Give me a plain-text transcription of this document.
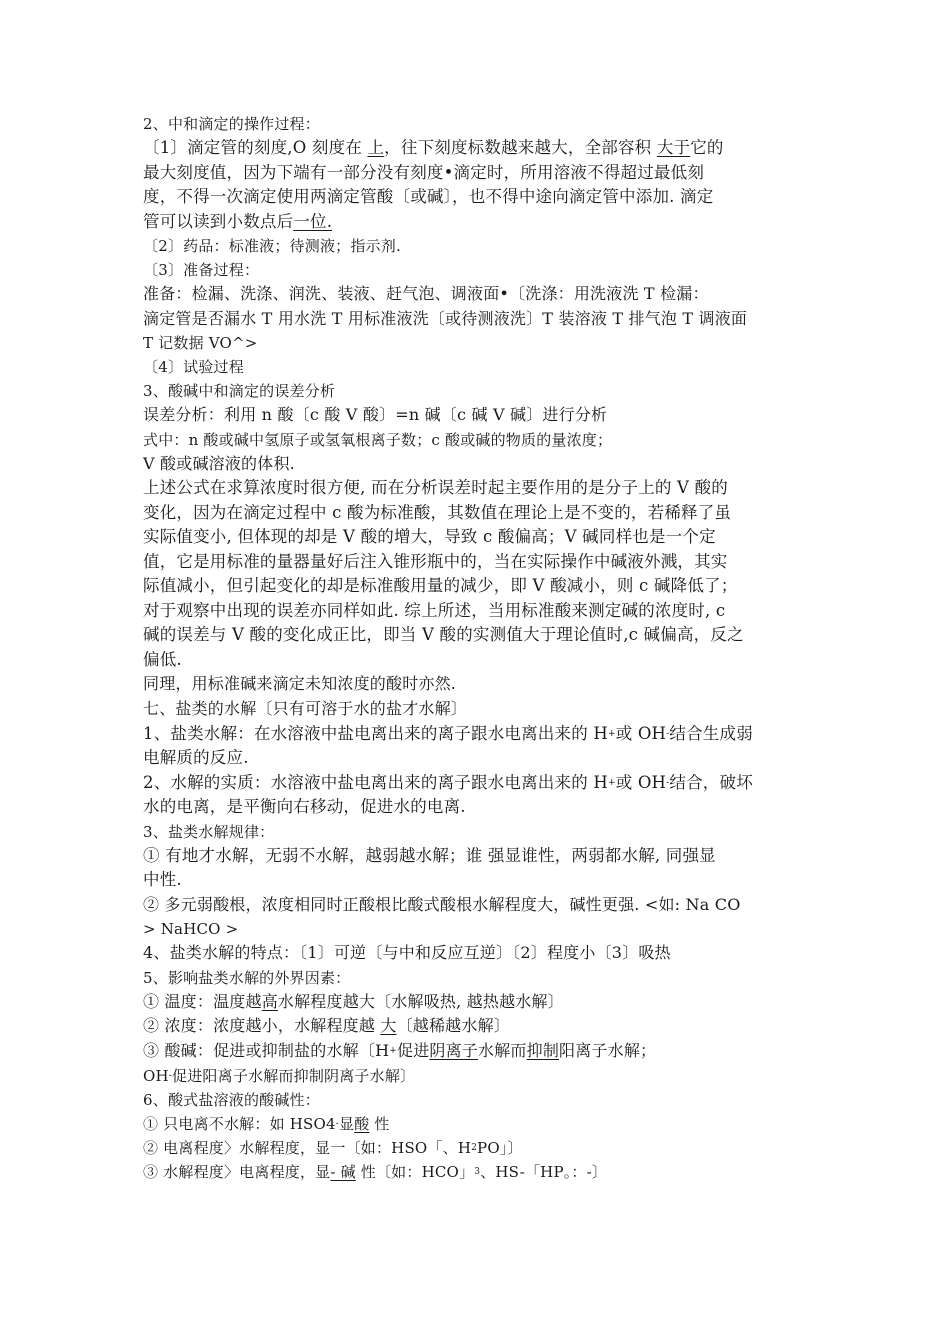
2、中和滴定的操作过程：
〔1〕滴定管的刻度,O 刻度在 上，往下刻度标数越来越大，全部容积 大于它的
最大刻度值，因为下端有一部分没有刻度•滴定时，所用溶液不得超过最低刻
度，不得一次滴定使用两滴定管酸〔或碱〕，也不得中途向滴定管中添加. 滴定
管可以读到小数点后一位.
〔2〕药品：标准液；待测液；指示剂.
〔3〕准备过程：
准备：检漏、洗涤、润洗、装液、赶气泡、调液面•〔洗涤：用洗液洗 T 检漏：
滴定管是否漏水 T 用水洗 T 用标准液洗〔或待测液洗〕T 装溶液 T 排气泡 T 调液面
T 记数据 VO^>
〔4〕试验过程
3、酸碱中和滴定的误差分析
误差分析：利用 n 酸〔c 酸 V 酸〕=n 碱〔c 碱 V 碱〕进行分析
式中：n 酸或碱中氢原子或氢氧根离子数；c 酸或碱的物质的量浓度；
V 酸或碱溶液的体积.
上述公式在求算浓度时很方便, 而在分析误差时起主要作用的是分子上的 V 酸的
变化，因为在滴定过程中 c 酸为标准酸，其数值在理论上是不变的，若稀释了虽
实际值变小, 但体现的却是 V 酸的增大，导致 c 酸偏高；V 碱同样也是一个定
值，它是用标准的量器量好后注入锥形瓶中的，当在实际操作中碱液外溅，其实
际值减小，但引起变化的却是标准酸用量的减少，即 V 酸减小，则 c 碱降低了；
对于观察中出现的误差亦同样如此. 综上所述，当用标准酸来测定碱的浓度时, c
碱的误差与 V 酸的变化成正比，即当 V 酸的实测值大于理论值时,c 碱偏高，反之
偏低.
同理，用标准碱来滴定未知浓度的酸时亦然.
七、盐类的水解〔只有可溶于水的盐才水解〕
1、盐类水解：在水溶液中盐电离出来的离子跟水电离出来的 H+或 OH-结合生成弱
电解质的反应.
2、水解的实质：水溶液中盐电离出来的离子跟水电离出来的 H+或 OH-结合，破坏
水的电离，是平衡向右移动，促进水的电离.
3、盐类水解规律：
① 有地才水解，无弱不水解，越弱越水解；谁 强显谁性，两弱都水解, 同强显
中性.
② 多元弱酸根，浓度相同时正酸根比酸式酸根水解程度大，碱性更强. <如: Na CO
> NaHCO >
4、盐类水解的特点：〔1〕可逆〔与中和反应互逆〕〔2〕程度小〔3〕吸热
5、影响盐类水解的外界因素：
① 温度：温度越高水解程度越大〔水解吸热, 越热越水解〕
② 浓度：浓度越小，水解程度越 大〔越稀越水解〕
③ 酸碱：促进或抑制盐的水解〔H+促进阴离子水解而抑制阳离子水解；
OH-促进阳离子水解而抑制阴离子水解〕
6、酸式盐溶液的酸碱性：
① 只电离不水解：如 HSO4-显酸 性
② 电离程度〉水解程度，显一〔如：HSO「、$H^2PO$」〕
③ 水解程度〉电离程度，显- 碱 性〔如：HCO」$^3$、HS-「HP。：-〕
